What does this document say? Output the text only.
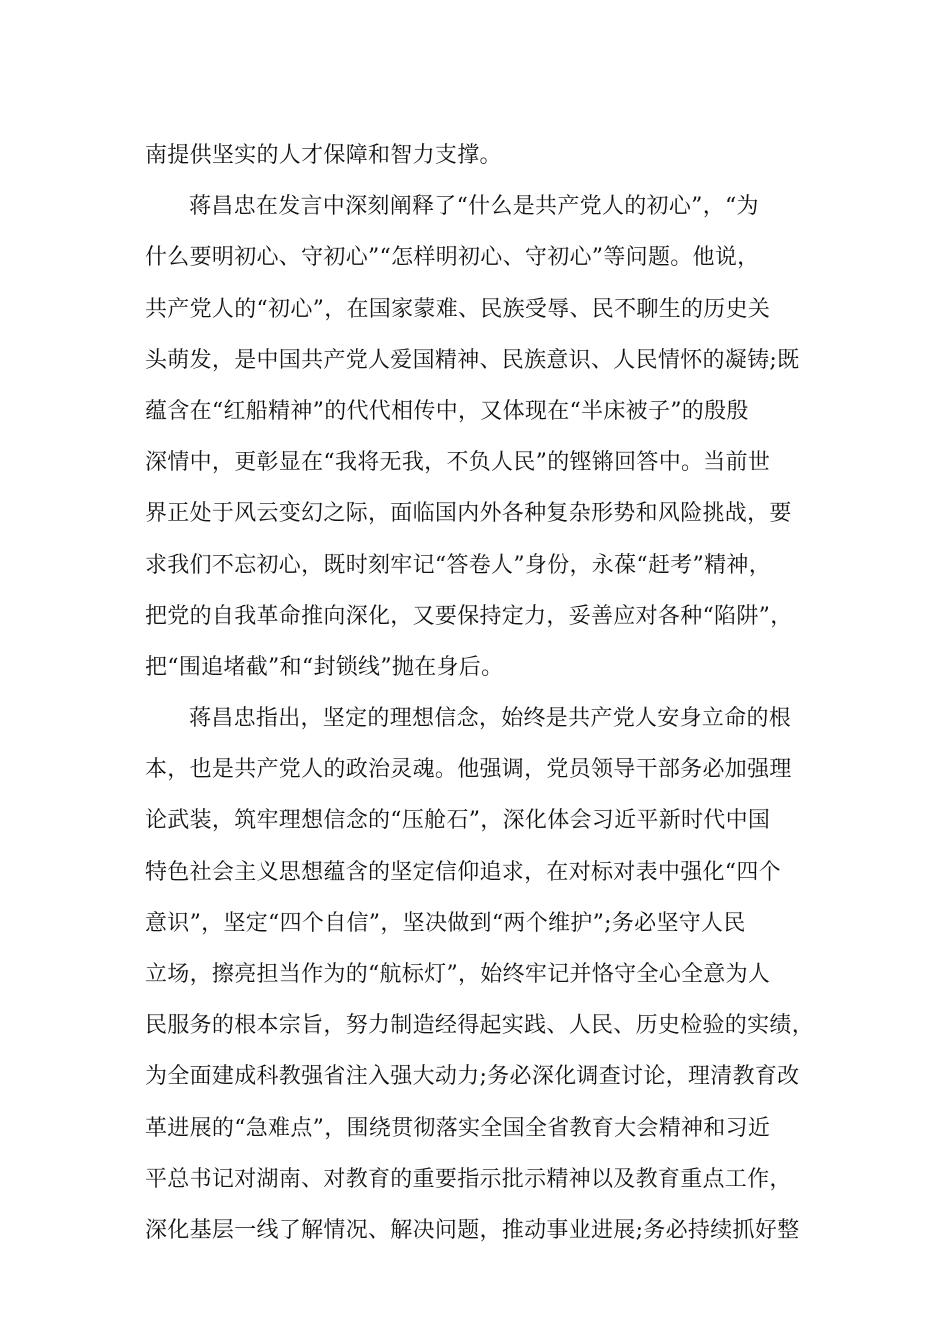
南提供坚实的人才保障和智力支撑。
蒋昌忠在发言中深刻阐释了“什么是共产党人的初心”，“为
什么要明初心、守初心”“怎样明初心、守初心”等问题。他说，
共产党人的“初心”，在国家蒙难、民族受辱、民不聊生的历史关
头萌发，是中国共产党人爱国精神、民族意识、人民情怀的凝铸;既
蕴含在“红船精神”的代代相传中，又体现在“半床被子”的殷殷
深情中，更彰显在“我将无我，不负人民”的铿锵回答中。当前世
界正处于风云变幻之际，面临国内外各种复杂形势和风险挑战，要
求我们不忘初心，既时刻牢记“答卷人”身份，永葆“赶考”精神，
把党的自我革命推向深化，又要保持定力，妥善应对各种“陷阱”，
把“围追堵截”和“封锁线”抛在身后。
蒋昌忠指出，坚定的理想信念，始终是共产党人安身立命的根
本，也是共产党人的政治灵魂。他强调，党员领导干部务必加强理
论武装，筑牢理想信念的“压舱石”，深化体会习近平新时代中国
特色社会主义思想蕴含的坚定信仰追求，在对标对表中强化“四个
意识”，坚定“四个自信”，坚决做到“两个维护”;务必坚守人民
立场，擦亮担当作为的“航标灯”，始终牢记并恪守全心全意为人
民服务的根本宗旨，努力制造经得起实践、人民、历史检验的实绩，
为全面建成科教强省注入强大动力;务必深化调查讨论，理清教育改
革进展的“急难点”，围绕贯彻落实全国全省教育大会精神和习近
平总书记对湖南、对教育的重要指示批示精神以及教育重点工作，
深化基层一线了解情况、解决问题，推动事业进展;务必持续抓好整
